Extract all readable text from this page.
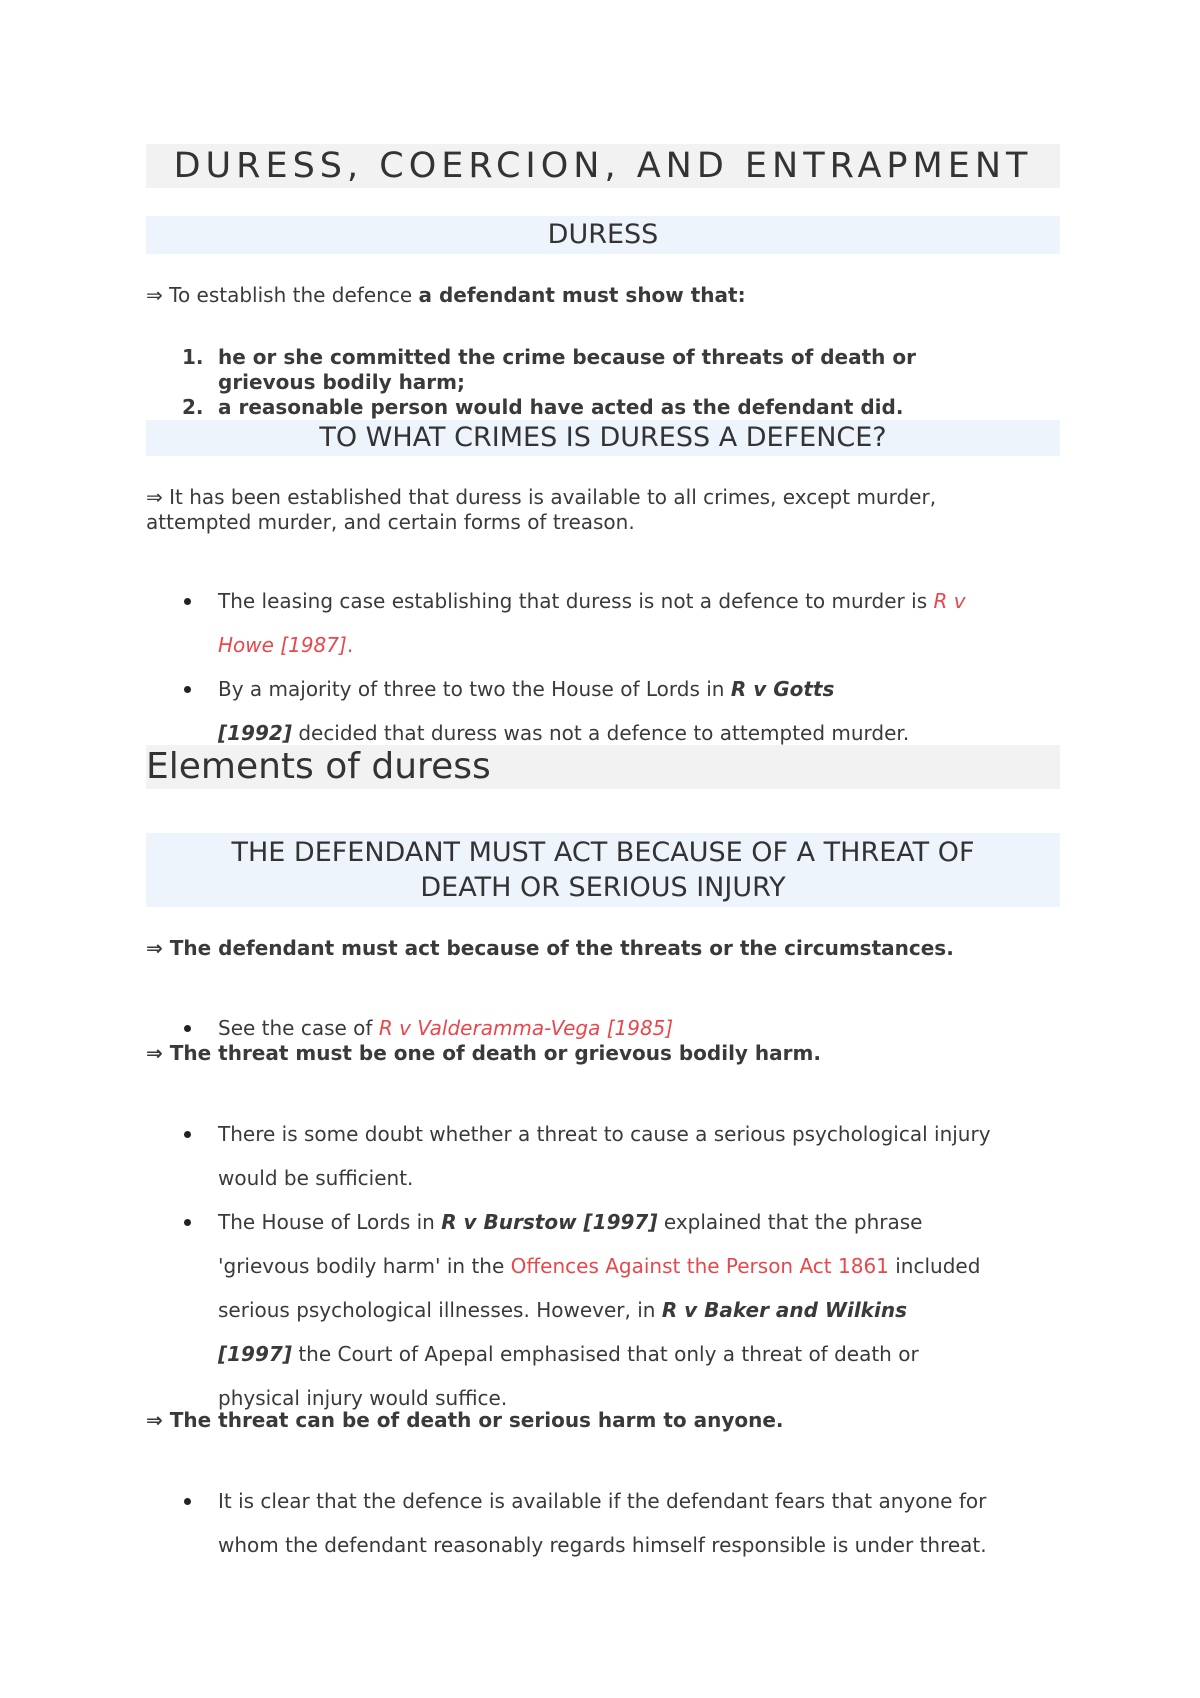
DURESS, COERCION, AND ENTRAPMENT
DURESS
⇒ To establish the defence a defendant must show that:
1. he or she committed the crime because of threats of death or
grievous bodily harm;
2. a reasonable person would have acted as the defendant did.
TO WHAT CRIMES IS DURESS A DEFENCE?
⇒ It has been established that duress is available to all crimes, except murder,
attempted murder, and certain forms of treason.
The leasing case establishing that duress is not a defence to murder is R v
Howe [1987].
By a majority of three to two the House of Lords in R v Gotts
[1992] decided that duress was not a defence to attempted murder.
Elements of duress
THE DEFENDANT MUST ACT BECAUSE OF A THREAT OF
DEATH OR SERIOUS INJURY
⇒ The defendant must act because of the threats or the circumstances.
See the case of R v Valderamma-Vega [1985]
⇒ The threat must be one of death or grievous bodily harm.
There is some doubt whether a threat to cause a serious psychological injury
would be sufficient.
The House of Lords in R v Burstow [1997] explained that the phrase
'grievous bodily harm' in the Offences Against the Person Act 1861 included
serious psychological illnesses. However, in R v Baker and Wilkins
[1997] the Court of Apepal emphasised that only a threat of death or
physical injury would suffice.
⇒ The threat can be of death or serious harm to anyone.
It is clear that the defence is available if the defendant fears that anyone for
whom the defendant reasonably regards himself responsible is under threat.
